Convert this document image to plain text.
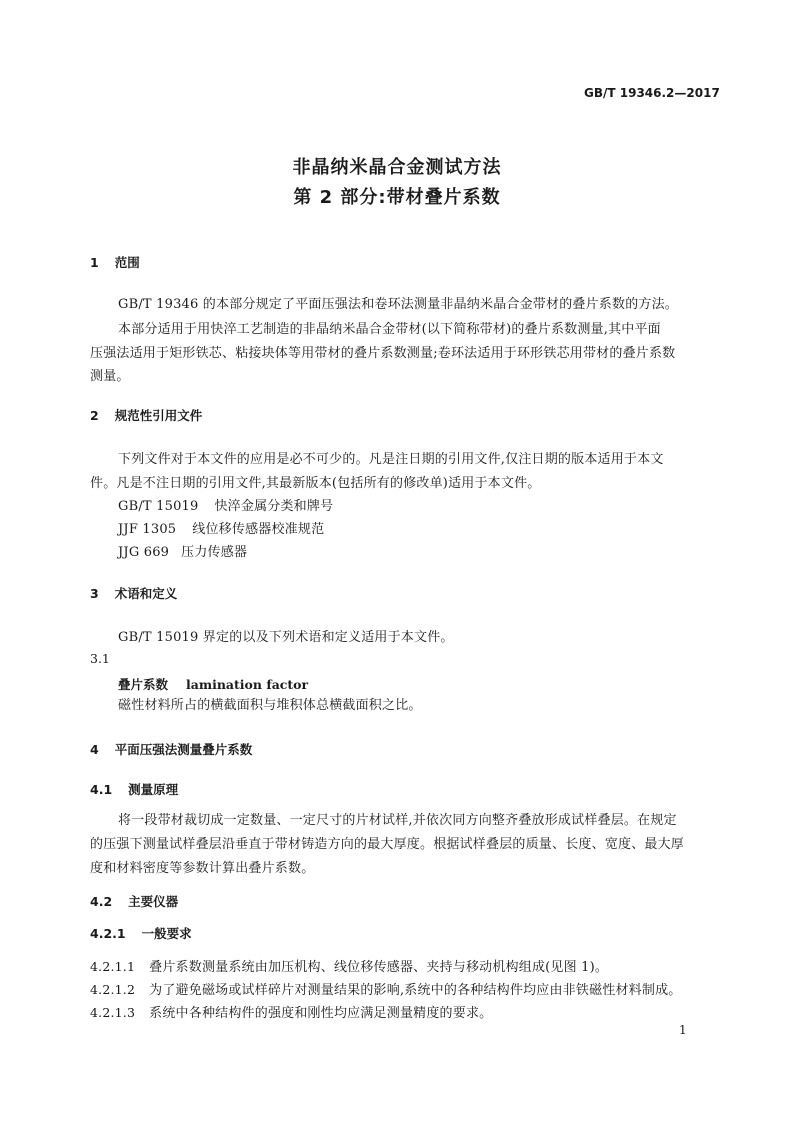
GB/T 19346.2—2017
非晶纳米晶合金测试方法
第 2 部分:带材叠片系数
1 范围
GB/T 19346 的本部分规定了平面压强法和卷环法测量非晶纳米晶合金带材的叠片系数的方法。
本部分适用于用快淬工艺制造的非晶纳米晶合金带材(以下简称带材)的叠片系数测量,其中平面
压强法适用于矩形铁芯、粘接块体等用带材的叠片系数测量;卷环法适用于环形铁芯用带材的叠片系数
测量。
2 规范性引用文件
下列文件对于本文件的应用是必不可少的。凡是注日期的引用文件,仅注日期的版本适用于本文
件。凡是不注日期的引用文件,其最新版本(包括所有的修改单)适用于本文件。
GB/T 15019 快淬金属分类和牌号
JJF 1305 线位移传感器校准规范
JJG 669 压力传感器
3 术语和定义
GB/T 15019 界定的以及下列术语和定义适用于本文件。
3.1
叠片系数 lamination factor
磁性材料所占的横截面积与堆积体总横截面积之比。
4 平面压强法测量叠片系数
4.1 测量原理
将一段带材裁切成一定数量、一定尺寸的片材试样,并依次同方向整齐叠放形成试样叠层。在规定
的压强下测量试样叠层沿垂直于带材铸造方向的最大厚度。根据试样叠层的质量、长度、宽度、最大厚
度和材料密度等参数计算出叠片系数。
4.2 主要仪器
4.2.1 一般要求
4.2.1.1 叠片系数测量系统由加压机构、线位移传感器、夹持与移动机构组成(见图 1)。
4.2.1.2 为了避免磁场或试样碎片对测量结果的影响,系统中的各种结构件均应由非铁磁性材料制成。
4.2.1.3 系统中各种结构件的强度和刚性均应满足测量精度的要求。
1
